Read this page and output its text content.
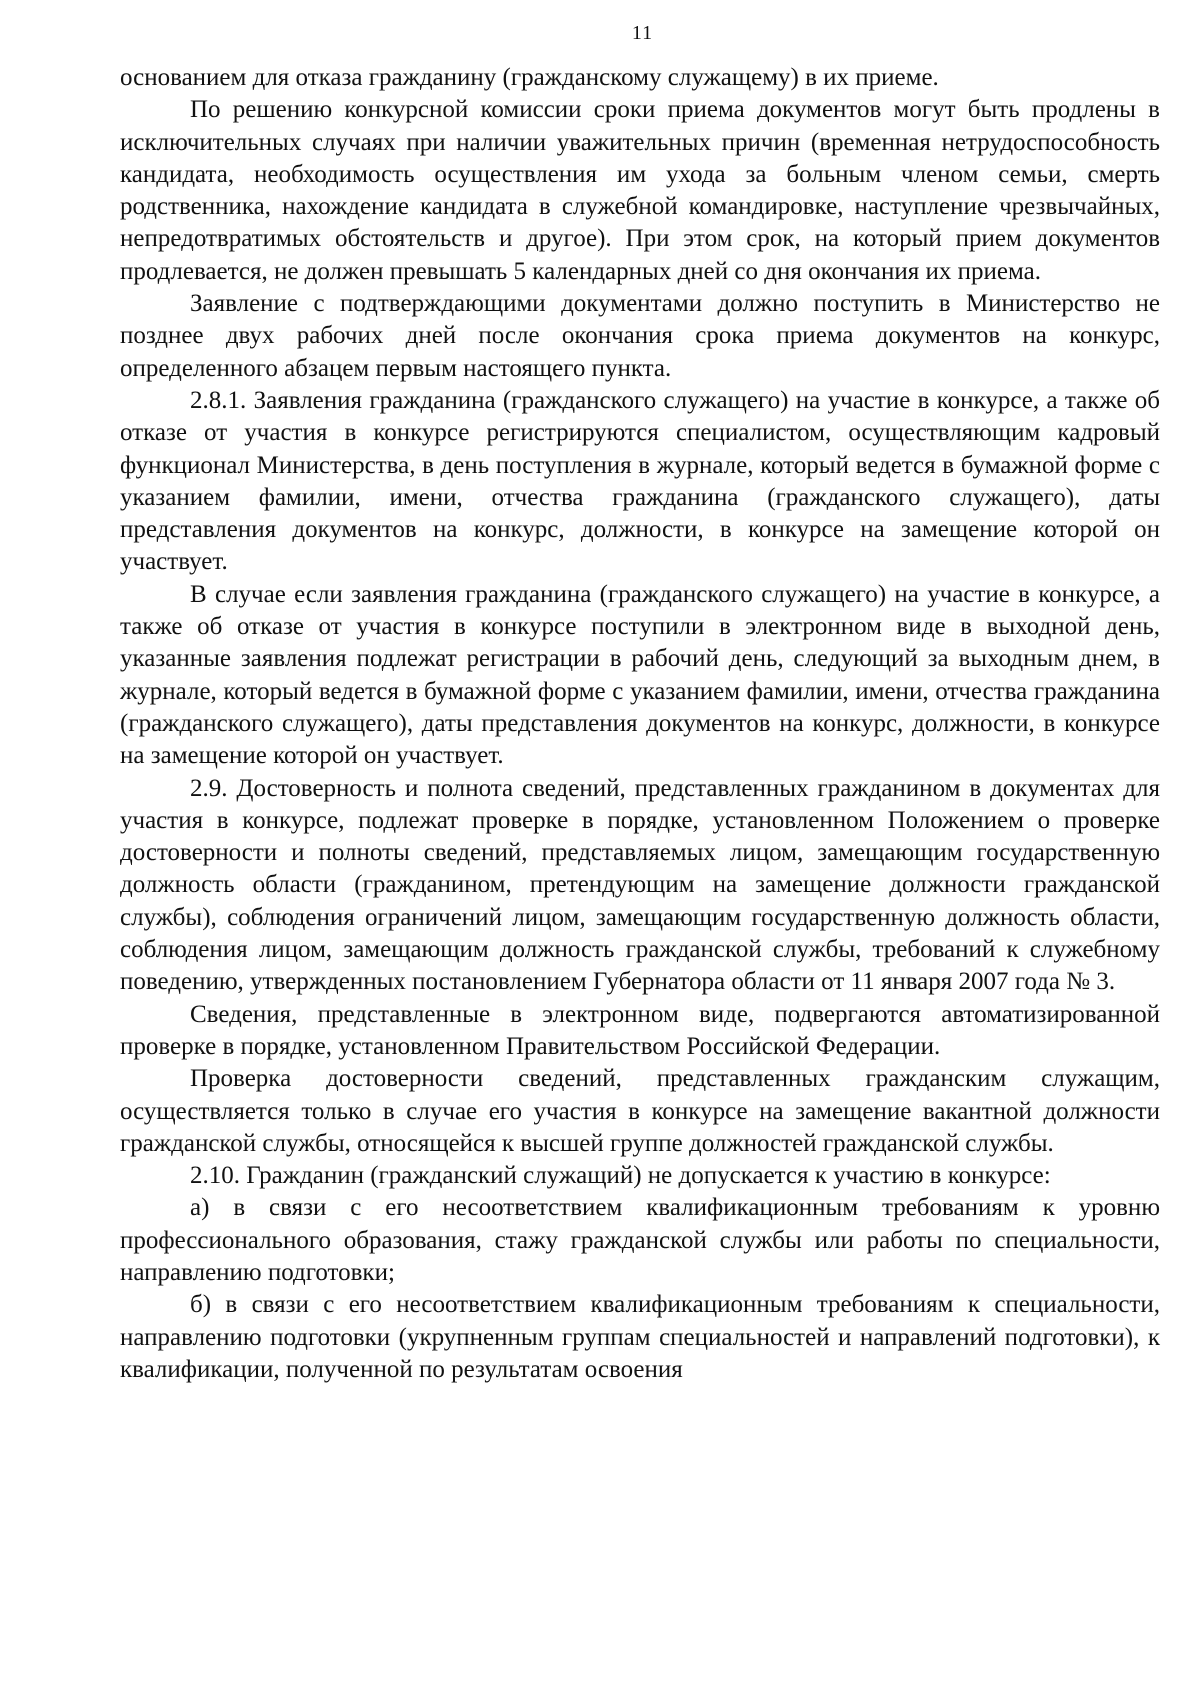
11

основанием для отказа гражданину (гражданскому служащему) в их приеме.

По решению конкурсной комиссии сроки приема документов могут быть продлены в исключительных случаях при наличии уважительных причин (временная нетрудоспособность кандидата, необходимость осуществления им ухода за больным членом семьи, смерть родственника, нахождение кандидата в служебной командировке, наступление чрезвычайных, непредотвратимых обстоятельств и другое). При этом срок, на который прием документов продлевается, не должен превышать 5 календарных дней со дня окончания их приема.

Заявление с подтверждающими документами должно поступить в Министерство не позднее двух рабочих дней после окончания срока приема документов на конкурс, определенного абзацем первым настоящего пункта.

2.8.1. Заявления гражданина (гражданского служащего) на участие в конкурсе, а также об отказе от участия в конкурсе регистрируются специалистом, осуществляющим кадровый функционал Министерства, в день поступления в журнале, который ведется в бумажной форме с указанием фамилии, имени, отчества гражданина (гражданского служащего), даты представления документов на конкурс, должности, в конкурсе на замещение которой он участвует.

В случае если заявления гражданина (гражданского служащего) на участие в конкурсе, а также об отказе от участия в конкурсе поступили в электронном виде в выходной день, указанные заявления подлежат регистрации в рабочий день, следующий за выходным днем, в журнале, который ведется в бумажной форме с указанием фамилии, имени, отчества гражданина (гражданского служащего), даты представления документов на конкурс, должности, в конкурсе на замещение которой он участвует.

2.9. Достоверность и полнота сведений, представленных гражданином в документах для участия в конкурсе, подлежат проверке в порядке, установленном Положением о проверке достоверности и полноты сведений, представляемых лицом, замещающим государственную должность области (гражданином, претендующим на замещение должности гражданской службы), соблюдения ограничений лицом, замещающим государственную должность области, соблюдения лицом, замещающим должность гражданской службы, требований к служебному поведению, утвержденных постановлением Губернатора области от 11 января 2007 года № 3.

Сведения, представленные в электронном виде, подвергаются автоматизированной проверке в порядке, установленном Правительством Российской Федерации.

Проверка достоверности сведений, представленных гражданским служащим, осуществляется только в случае его участия в конкурсе на замещение вакантной должности гражданской службы, относящейся к высшей группе должностей гражданской службы.

2.10. Гражданин (гражданский служащий) не допускается к участию в конкурсе:

а) в связи с его несоответствием квалификационным требованиям к уровню профессионального образования, стажу гражданской службы или работы по специальности, направлению подготовки;

б) в связи с его несоответствием квалификационным требованиям к специальности, направлению подготовки (укрупненным группам специальностей и направлений подготовки), к квалификации, полученной по результатам освоения
